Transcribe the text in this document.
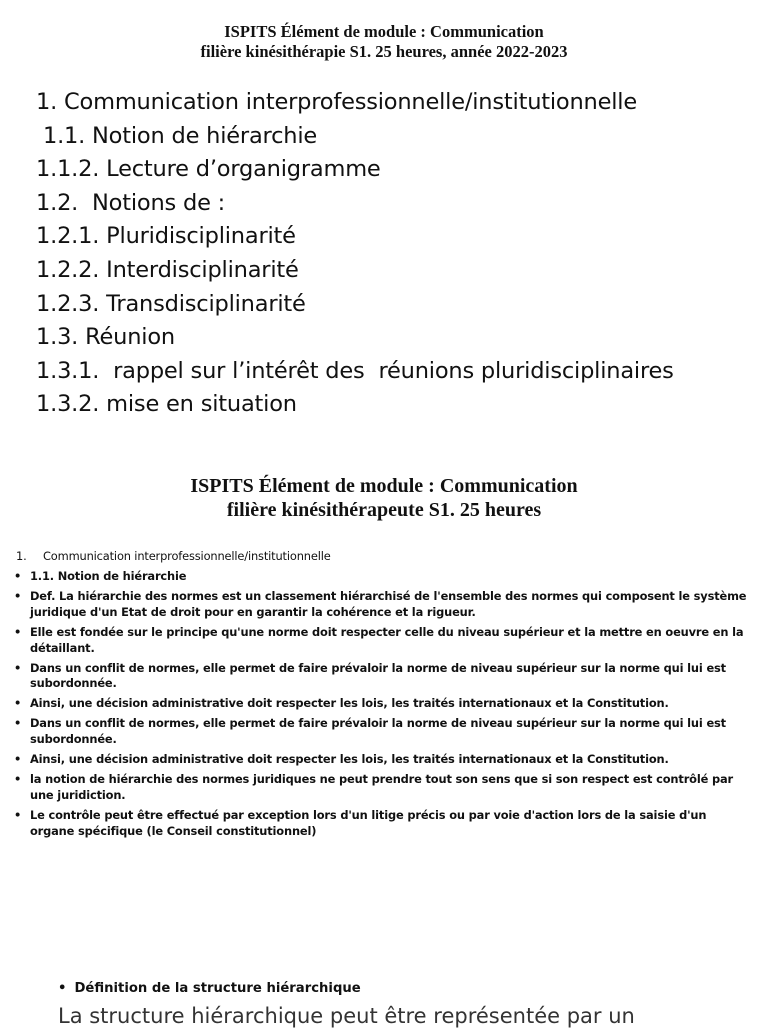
ISPITS Élément de module : Communication
filière kinésithérapie S1. 25 heures, année 2022-2023
1. Communication interprofessionnelle/institutionnelle
1.1. Notion de hiérarchie
1.1.2. Lecture d’organigramme
1.2.  Notions de :
1.2.1. Pluridisciplinarité
1.2.2. Interdisciplinarité
1.2.3. Transdisciplinarité
1.3. Réunion
1.3.1.  rappel sur l’intérêt des  réunions pluridisciplinaires
1.3.2. mise en situation
ISPITS Élément de module : Communication
filière kinésithérapeute S1. 25 heures
1. Communication interprofessionnelle/institutionnelle
• 1.1. Notion de hiérarchie
• Def. La hiérarchie des normes est un classement hiérarchisé de l'ensemble des normes qui composent le système juridique d'un Etat de droit pour en garantir la cohérence et la rigueur.
• Elle est fondée sur le principe qu'une norme doit respecter celle du niveau supérieur et la mettre en oeuvre en la détaillant.
• Dans un conflit de normes, elle permet de faire prévaloir la norme de niveau supérieur sur la norme qui lui est subordonnée.
• Ainsi, une décision administrative doit respecter les lois, les traités internationaux et la Constitution.
• Dans un conflit de normes, elle permet de faire prévaloir la norme de niveau supérieur sur la norme qui lui est subordonnée.
• Ainsi, une décision administrative doit respecter les lois, les traités internationaux et la Constitution.
• la notion de hiérarchie des normes juridiques ne peut prendre tout son sens que si son respect est contrôlé par une juridiction.
• Le contrôle peut être effectué par exception lors d'un litige précis ou par voie d'action lors de la saisie d'un organe spécifique (le Conseil constitutionnel)
• Définition de la structure hiérarchique
La structure hiérarchique peut être représentée par un
